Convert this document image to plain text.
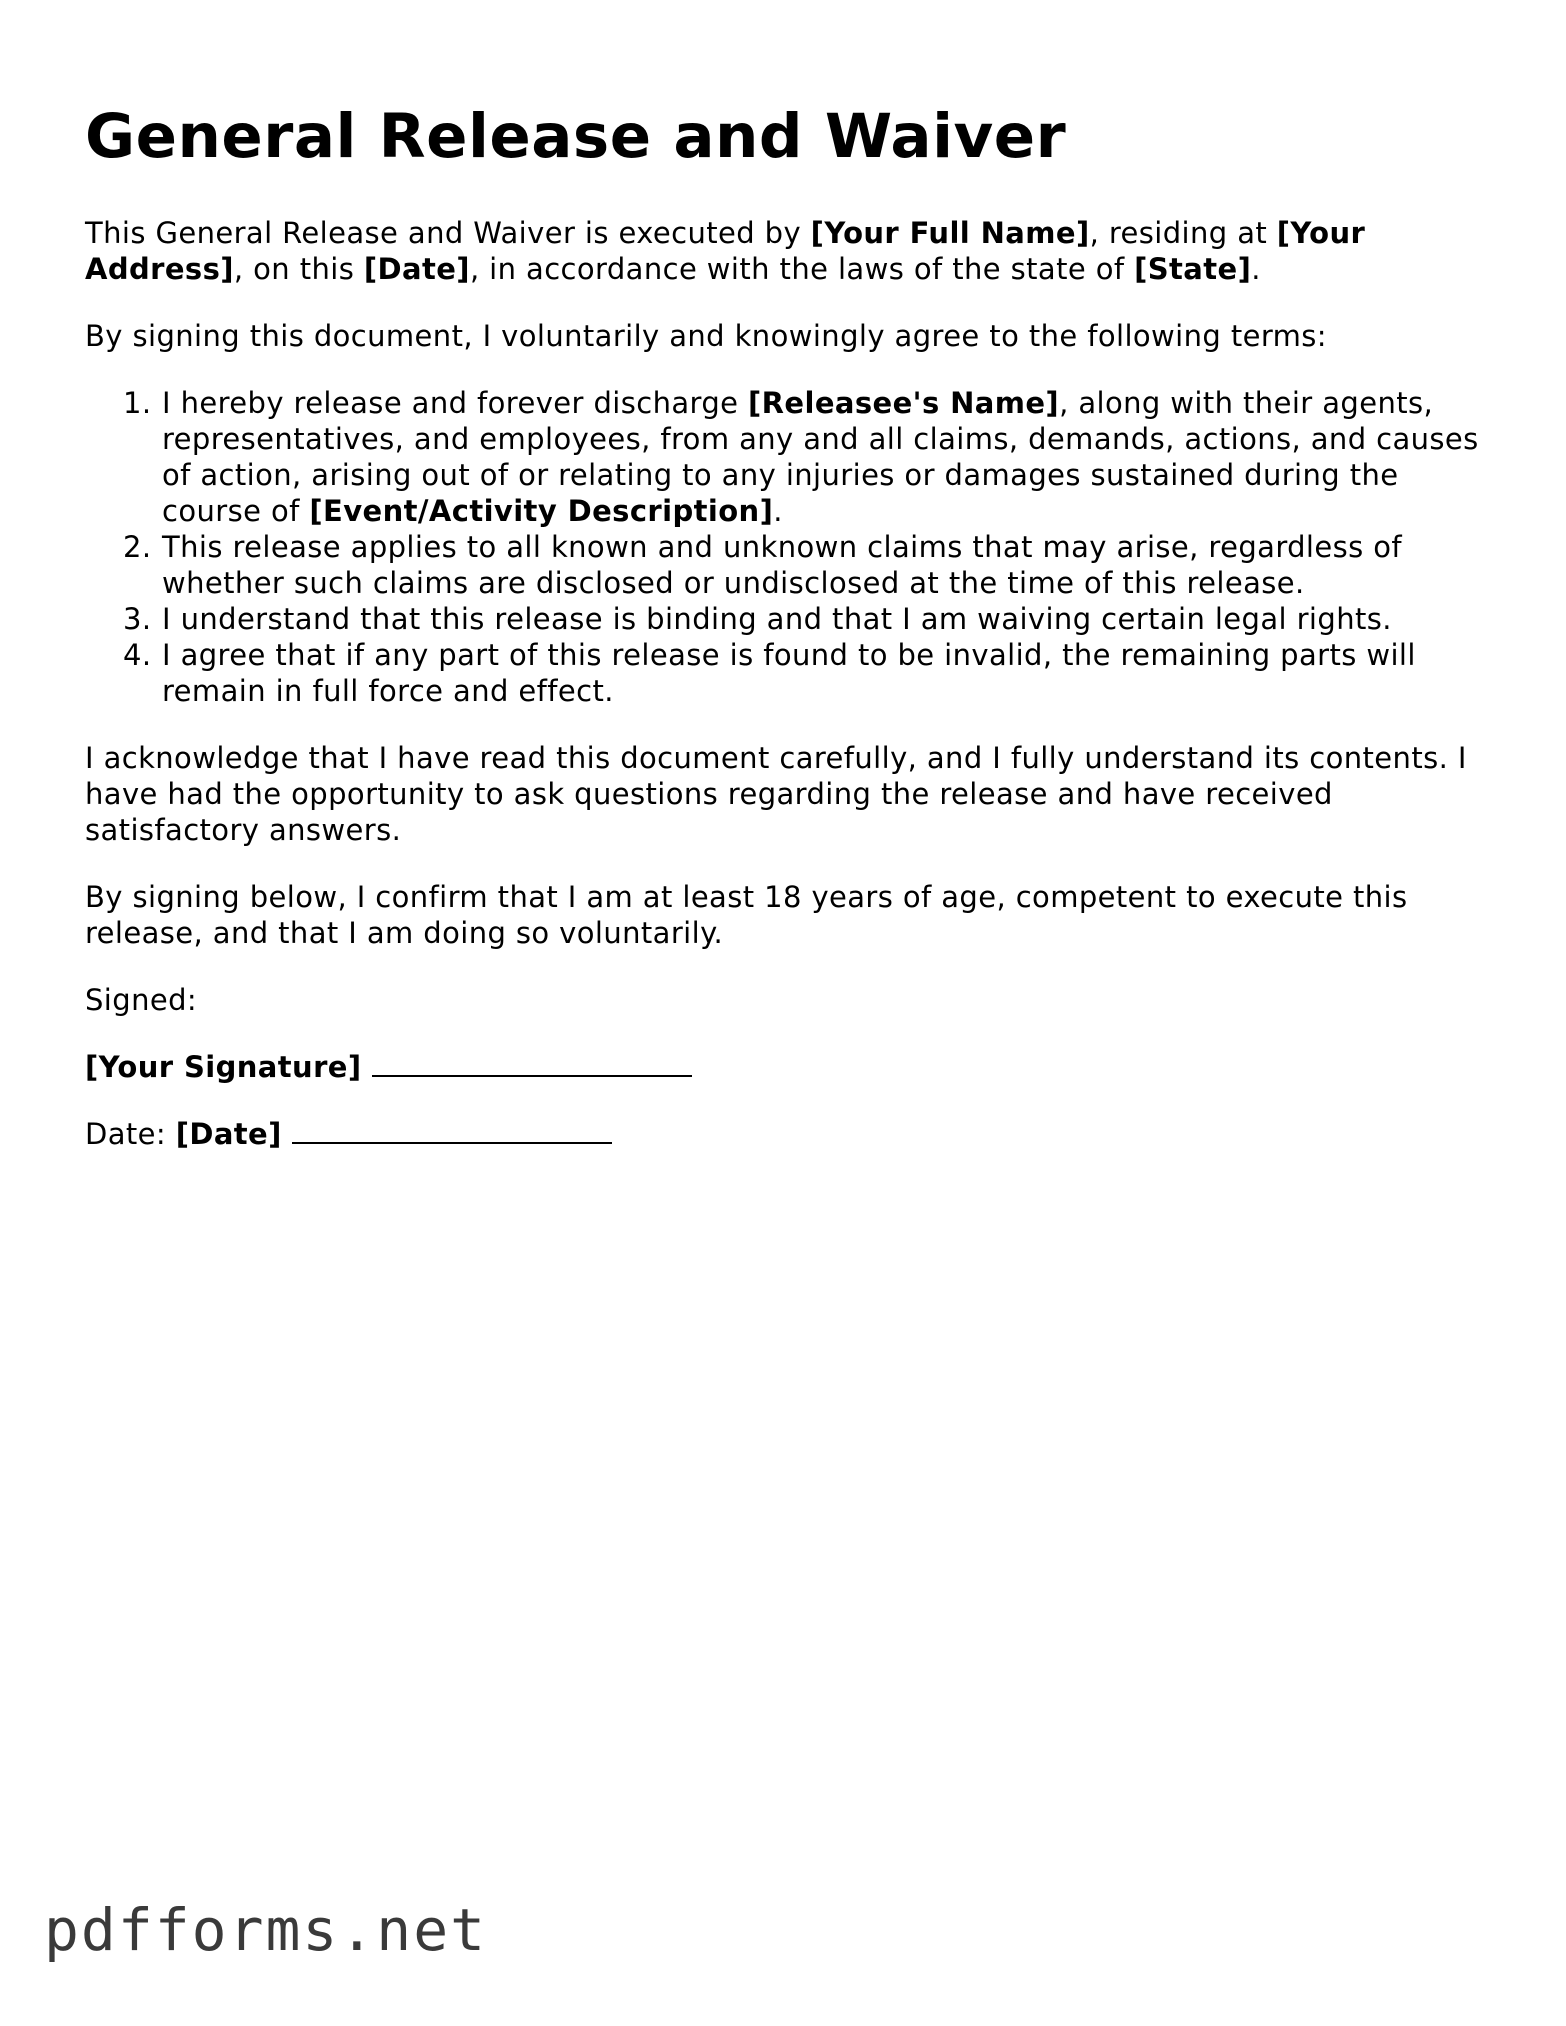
General Release and Waiver

This General Release and Waiver is executed by [Your Full Name], residing at [Your Address], on this [Date], in accordance with the laws of the state of [State].

By signing this document, I voluntarily and knowingly agree to the following terms:

1. I hereby release and forever discharge [Releasee's Name], along with their agents, representatives, and employees, from any and all claims, demands, actions, and causes of action, arising out of or relating to any injuries or damages sustained during the course of [Event/Activity Description].
2. This release applies to all known and unknown claims that may arise, regardless of whether such claims are disclosed or undisclosed at the time of this release.
3. I understand that this release is binding and that I am waiving certain legal rights.
4. I agree that if any part of this release is found to be invalid, the remaining parts will remain in full force and effect.

I acknowledge that I have read this document carefully, and I fully understand its contents. I have had the opportunity to ask questions regarding the release and have received satisfactory answers.

By signing below, I confirm that I am at least 18 years of age, competent to execute this release, and that I am doing so voluntarily.

Signed:

[Your Signature]

Date: [Date]

pdfforms.net
